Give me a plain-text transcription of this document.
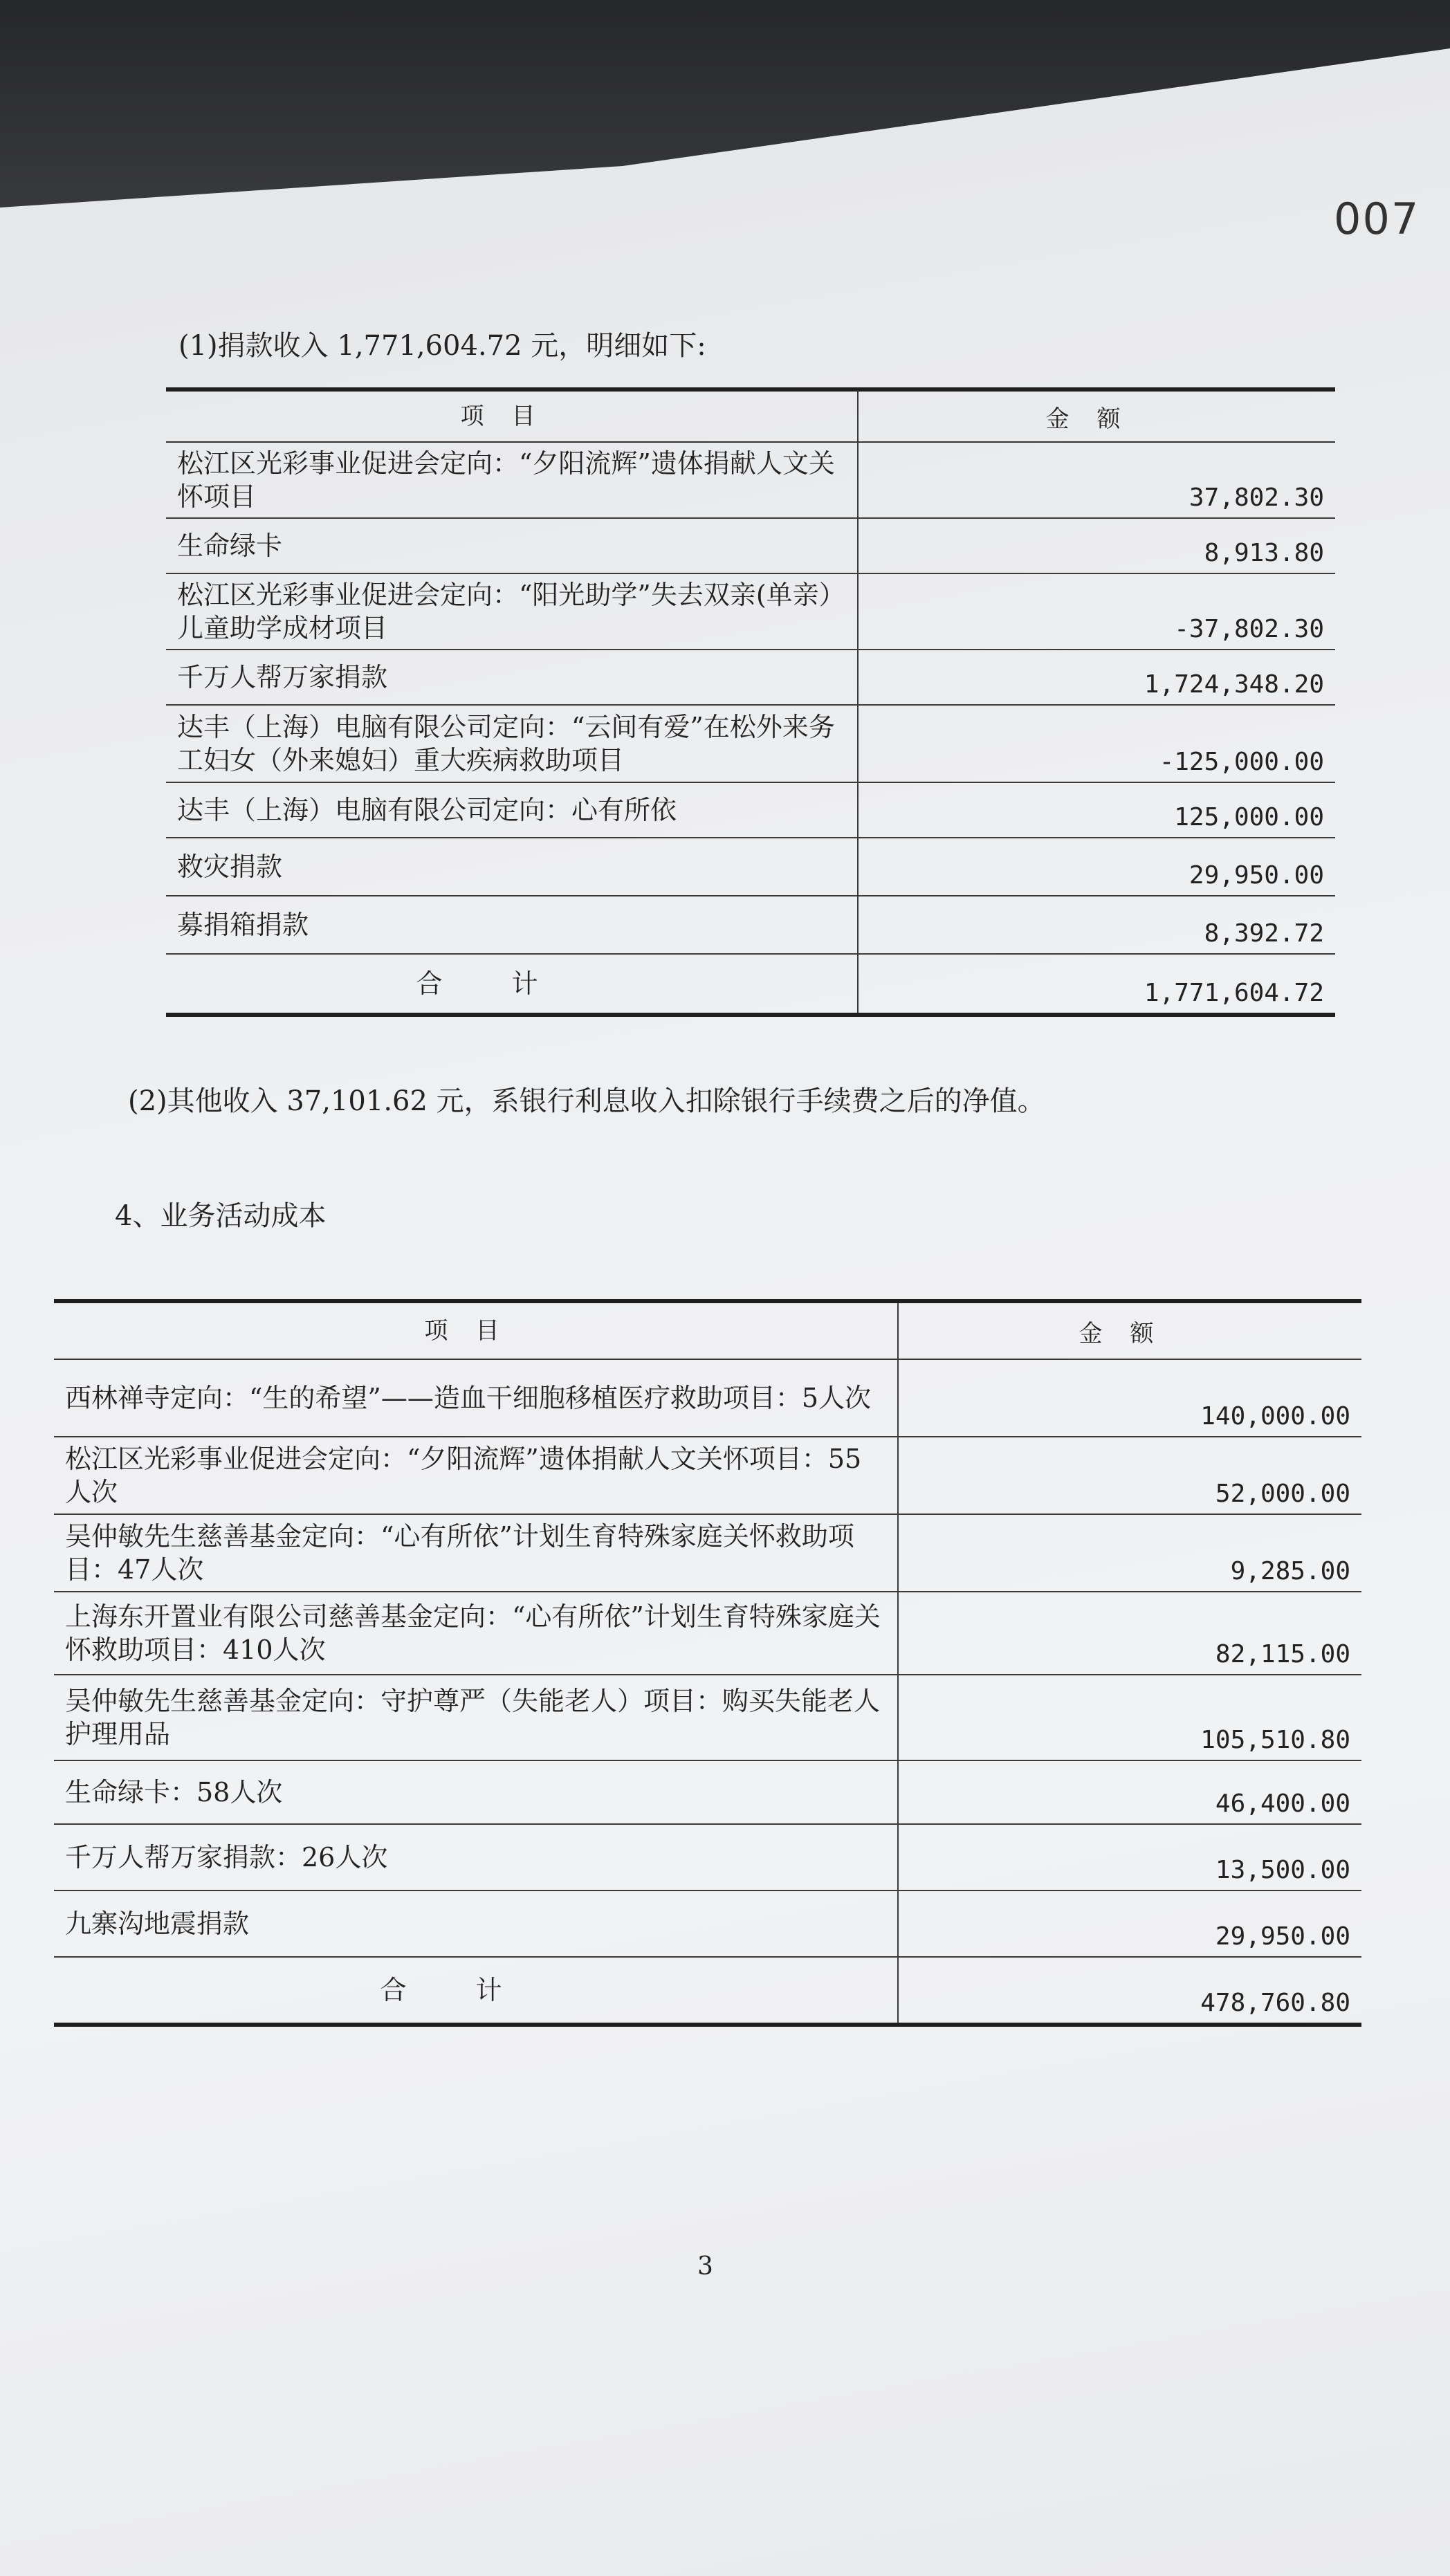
007
(1)捐款收入 1,771,604.72 元，明细如下:
项目	金额
松江区光彩事业促进会定向：“夕阳流辉”遗体捐献人文关怀项目	37,802.30
生命绿卡	8,913.80
松江区光彩事业促进会定向：“阳光助学”失去双亲(单亲）儿童助学成材项目	-37,802.30
千万人帮万家捐款	1,724,348.20
达丰（上海）电脑有限公司定向：“云间有爱”在松外来务工妇女（外来媳妇）重大疾病救助项目	-125,000.00
达丰（上海）电脑有限公司定向：心有所依	125,000.00
救灾捐款	29,950.00
募捐箱捐款	8,392.72
合计	1,771,604.72
(2)其他收入 37,101.62 元，系银行利息收入扣除银行手续费之后的净值。
4、业务活动成本
项目	金额
西林禅寺定向：“生的希望”——造血干细胞移植医疗救助项目：5人次	140,000.00
松江区光彩事业促进会定向：“夕阳流辉”遗体捐献人文关怀项目：55人次	52,000.00
吴仲敏先生慈善基金定向：“心有所依”计划生育特殊家庭关怀救助项目：47人次	9,285.00
上海东开置业有限公司慈善基金定向：“心有所依”计划生育特殊家庭关怀救助项目：410人次	82,115.00
吴仲敏先生慈善基金定向：守护尊严（失能老人）项目：购买失能老人护理用品	105,510.80
生命绿卡：58人次	46,400.00
千万人帮万家捐款：26人次	13,500.00
九寨沟地震捐款	29,950.00
合计	478,760.80
3
